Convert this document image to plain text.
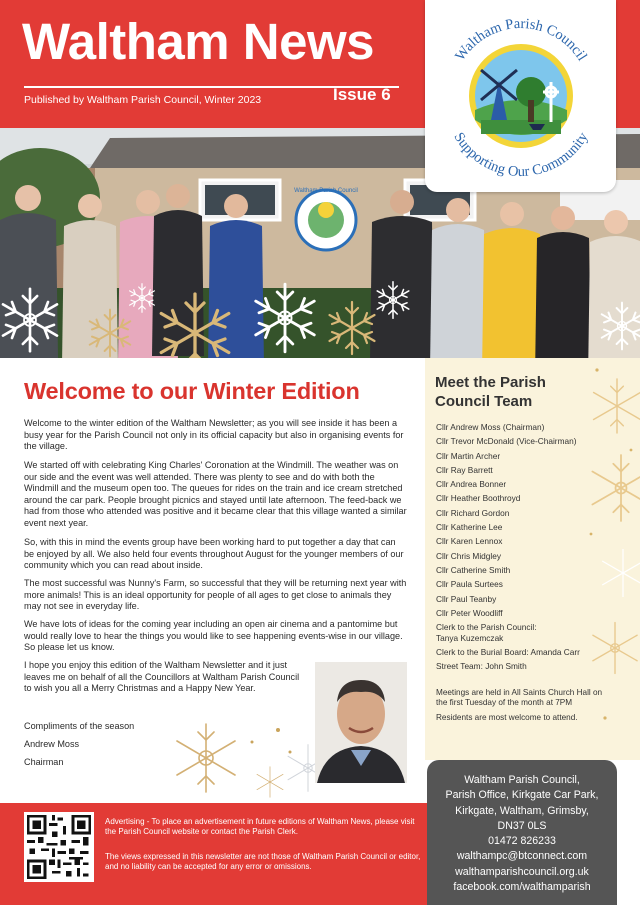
Waltham News
Published by Waltham Parish Council, Winter 2023	Issue 6
Waltham Parish Council
Waltham Parish Council
Supporting Our Community
Welcome to our Winter Edition

Welcome to the winter edition of the Waltham Newsletter; as you will see inside it has been a busy year for the Parish Council not only in its official capacity but also in organising events for the village.

We started off with celebrating King Charles' Coronation at the Windmill. The weather was on our side and the event was well attended. There was plenty to see and do with both the Windmill and the museum open too. The queues for rides on the train and ice cream stretched around the car park. People brought picnics and stayed until late afternoon. The feed-back we had from those who attended was positive and it became clear that this village wanted a similar event next year.

So, with this in mind the events group have been working hard to put together a day that can be enjoyed by all. We also held four events throughout August for the younger members of our community which you can read about inside.

The most successful was Nunny's Farm, so successful that they will be returning next year with more animals! This is an ideal opportunity for people of all ages to get close to animals they may not see in everyday life.

We have lots of ideas for the coming year including an open air cinema and a pantomime but would really love to hear the things you would like to see happening events-wise in our village. So please let us know.

I hope you enjoy this edition of the Waltham Newsletter and it just leaves me on behalf of all the Councillors at Waltham Parish Council to wish you all a Merry Christmas and a Happy New Year.

Compliments of the season
Andrew Moss
Chairman
Meet the Parish Council Team
Cllr Andrew Moss (Chairman)
Cllr Trevor McDonald (Vice-Chairman)
Cllr Martin Archer
Cllr Ray Barrett
Cllr Andrea Bonner
Cllr Heather Boothroyd
Cllr Richard Gordon
Cllr Katherine Lee
Cllr Karen Lennox
Cllr Chris Midgley
Cllr Catherine Smith
Cllr Paula Surtees
Cllr Paul Teanby
Cllr Peter Woodliff
Clerk to the Parish Council: Tanya Kuzemczak
Clerk to the Burial Board: Amanda Carr
Street Team: John Smith

Meetings are held in All Saints Church Hall on the first Tuesday of the month at 7PM

Residents are most welcome to attend.

Waltham Parish Council,
Parish Office, Kirkgate Car Park,
Kirkgate, Waltham, Grimsby,
DN37 0LS
01472 826233
walthampc@btconnect.com
walthamparishcouncil.org.uk
facebook.com/walthamparish

Advertising - To place an advertisement in future editions of Waltham News, please visit the Parish Council website or contact the Parish Clerk.

The views expressed in this newsletter are not those of Waltham Parish Council or editor, and no liability can be accepted for any error or omissions.
